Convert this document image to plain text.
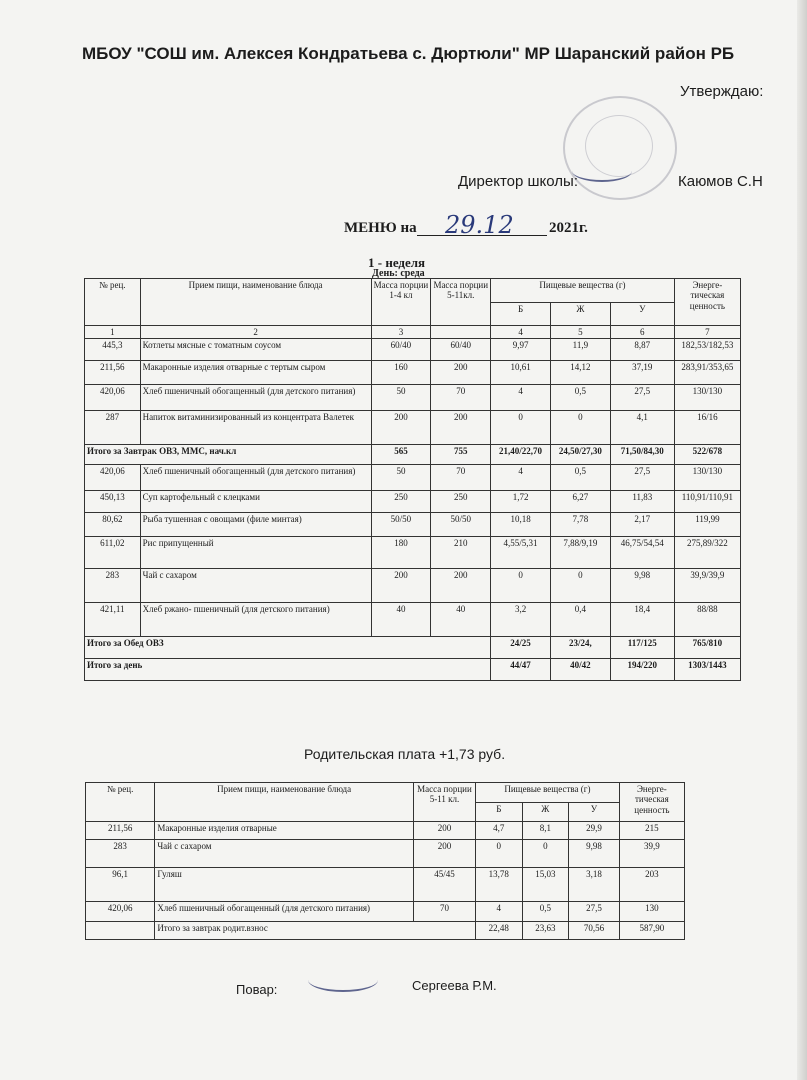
МБОУ "СОШ им. Алексея Кондратьева с. Дюртюли" МР Шаранский район РБ
Утверждаю:
Директор школы:	Каюмов С.Н
МЕНЮ на 29.12 2021г.
1 - неделя
День: среда
№ рец.	Прием пищи, наименование блюда	Масса порции 1-4 кл	Масса порции 5-11кл.	Пищевые вещества (г)			Энерге-тическая ценность
				Б	Ж	У	
1	2	3		4	5	6	7
445,3	Котлеты мясные с томатным соусом	60/40	60/40	9,97	11,9	8,87	182,53/182,53
211,56	Макаронные изделия отварные с тертым сыром	160	200	10,61	14,12	37,19	283,91/353,65
420,06	Хлеб пшеничный обогащенный (для детского питания)	50	70	4	0,5	27,5	130/130
287	Напиток витаминизированный из концентрата Валетек	200	200	0	0	4,1	16/16
Итого за Завтрак ОВЗ, ММС, нач.кл		565	755	21,40/22,70	24,50/27,30	71,50/84,30	522/678
420,06	Хлеб пшеничный обогащенный (для детского питания)	50	70	4	0,5	27,5	130/130
450,13	Суп картофельный с клецками	250	250	1,72	6,27	11,83	110,91/110,91
80,62	Рыба тушенная с овощами (филе минтая)	50/50	50/50	10,18	7,78	2,17	119,99
611,02	Рис припущенный	180	210	4,55/5,31	7,88/9,19	46,75/54,54	275,89/322
283	Чай с сахаром	200	200	0	0	9,98	39,9/39,9
421,11	Хлеб ржано- пшеничный (для детского питания)	40	40	3,2	0,4	18,4	88/88
Итого за Обед ОВЗ				24/25	23/24,	117/125	765/810
Итого за день				44/47	40/42	194/220	1303/1443
Родительская плата +1,73 руб.
№ рец.	Прием пищи, наименование блюда	Масса порции 5-11 кл.	Пищевые вещества (г)			Энерге-тическая ценность
			Б	Ж	У	
211,56	Макаронные изделия отварные	200	4,7	8,1	29,9	215
283	Чай с сахаром	200	0	0	9,98	39,9
96,1	Гуляш	45/45	13,78	15,03	3,18	203
420,06	Хлеб пшеничный обогащенный (для детского питания)	70	4	0,5	27,5	130
	Итого за завтрак родит.взнос		22,48	23,63	70,56	587,90
Повар:	Сергеева Р.М.
